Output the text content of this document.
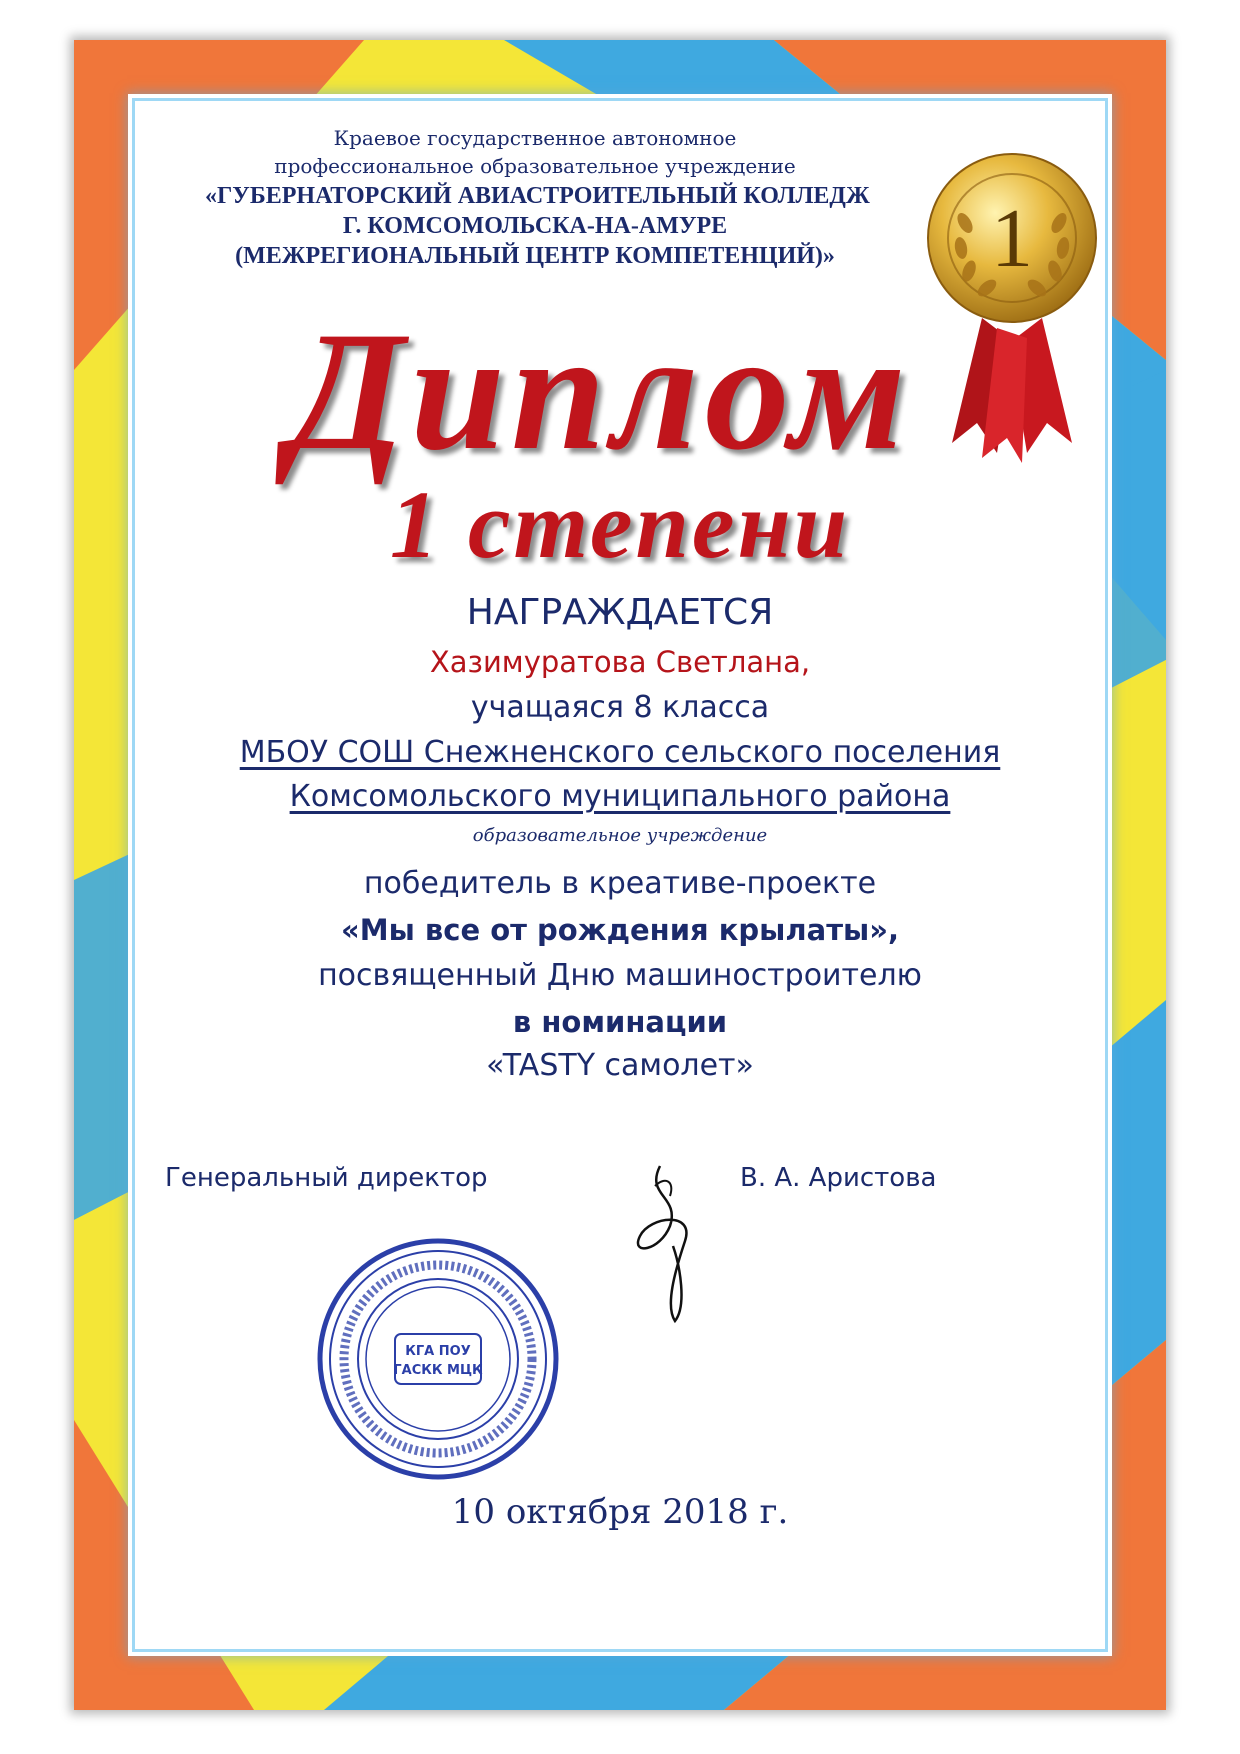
Краевое государственное автономное
профессиональное образовательное учреждение
«ГУБЕРНАТОРСКИЙ АВИАСТРОИТЕЛЬНЫЙ КОЛЛЕДЖ
Г. КОМСОМОЛЬСКА-НА-АМУРЕ
(МЕЖРЕГИОНАЛЬНЫЙ ЦЕНТР КОМПЕТЕНЦИЙ)»	1
Диплом
1 степени
НАГРАЖДАЕТСЯ
Хазимуратова Светлана,
учащаяся 8 класса
МБОУ СОШ Снежненского сельского поселения
Комсомольского муниципального района
образовательное учреждение
победитель в креативе-проекте
«Мы все от рождения крылаты»,
посвященный Дню машиностроителю
в номинации
«TASTY самолет»
Генеральный директор	В. А. Аристова
КГА ПОУ
ГАСКК МЦК
10 октября 2018 г.
